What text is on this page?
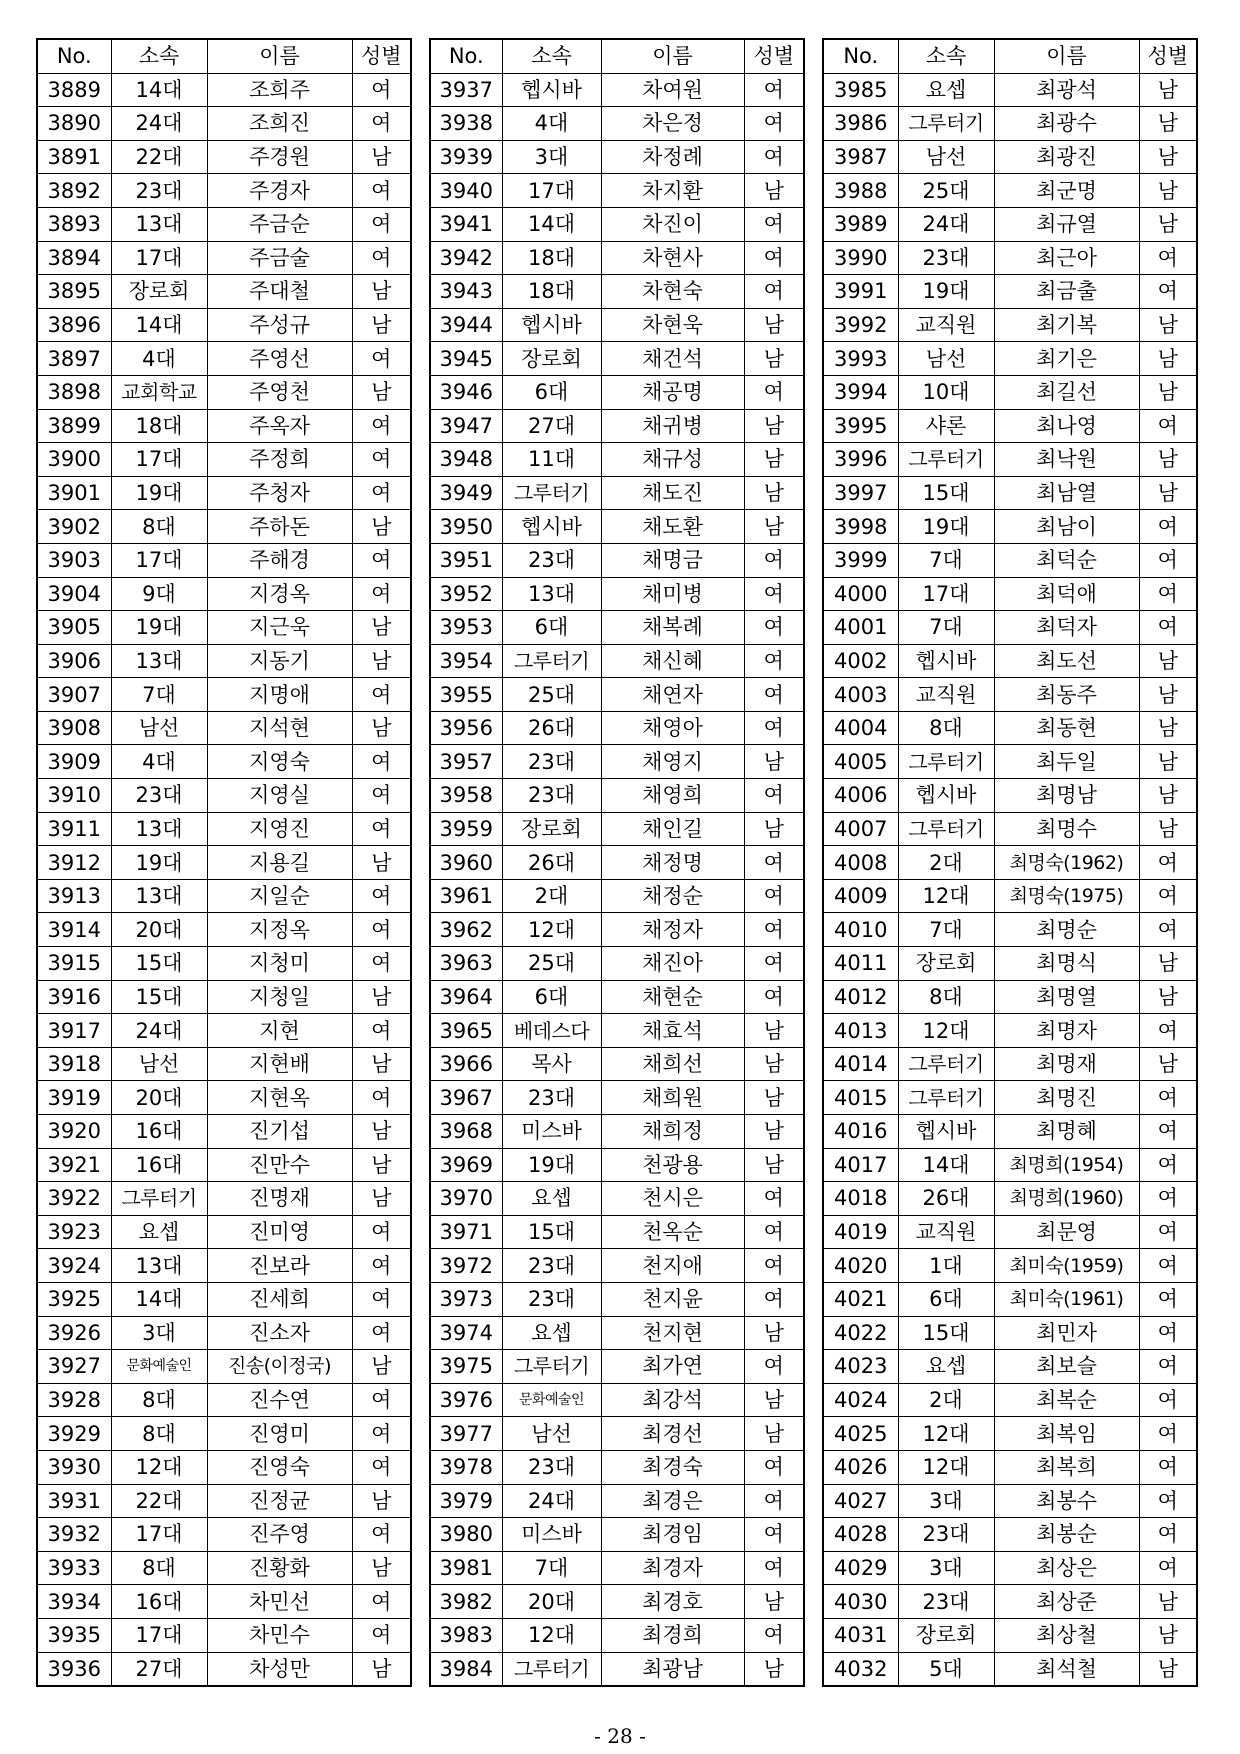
No.	소속	이름	성별
3889	14대	조희주	여
3890	24대	조희진	여
3891	22대	주경원	남
3892	23대	주경자	여
3893	13대	주금순	여
3894	17대	주금술	여
3895	장로회	주대철	남
3896	14대	주성규	남
3897	4대	주영선	여
3898	교회학교	주영천	남
3899	18대	주옥자	여
3900	17대	주정희	여
3901	19대	주청자	여
3902	8대	주하돈	남
3903	17대	주해경	여
3904	9대	지경옥	여
3905	19대	지근욱	남
3906	13대	지동기	남
3907	7대	지명애	여
3908	남선	지석현	남
3909	4대	지영숙	여
3910	23대	지영실	여
3911	13대	지영진	여
3912	19대	지용길	남
3913	13대	지일순	여
3914	20대	지정옥	여
3915	15대	지청미	여
3916	15대	지청일	남
3917	24대	지현	여
3918	남선	지현배	남
3919	20대	지현옥	여
3920	16대	진기섭	남
3921	16대	진만수	남
3922	그루터기	진명재	남
3923	요셉	진미영	여
3924	13대	진보라	여
3925	14대	진세희	여
3926	3대	진소자	여
3927	문화예술인	진송(이정국)	남
3928	8대	진수연	여
3929	8대	진영미	여
3930	12대	진영숙	여
3931	22대	진정균	남
3932	17대	진주영	여
3933	8대	진황화	남
3934	16대	차민선	여
3935	17대	차민수	여
3936	27대	차성만	남
No.	소속	이름	성별
3937	헵시바	차여원	여
3938	4대	차은정	여
3939	3대	차정례	여
3940	17대	차지환	남
3941	14대	차진이	여
3942	18대	차현사	여
3943	18대	차현숙	여
3944	헵시바	차현욱	남
3945	장로회	채건석	남
3946	6대	채공명	여
3947	27대	채귀병	남
3948	11대	채규성	남
3949	그루터기	채도진	남
3950	헵시바	채도환	남
3951	23대	채명금	여
3952	13대	채미병	여
3953	6대	채복례	여
3954	그루터기	채신혜	여
3955	25대	채연자	여
3956	26대	채영아	여
3957	23대	채영지	남
3958	23대	채영희	여
3959	장로회	채인길	남
3960	26대	채정명	여
3961	2대	채정순	여
3962	12대	채정자	여
3963	25대	채진아	여
3964	6대	채현순	여
3965	베데스다	채효석	남
3966	목사	채희선	남
3967	23대	채희원	남
3968	미스바	채희정	남
3969	19대	천광용	남
3970	요셉	천시은	여
3971	15대	천옥순	여
3972	23대	천지애	여
3973	23대	천지윤	여
3974	요셉	천지현	남
3975	그루터기	최가연	여
3976	문화예술인	최강석	남
3977	남선	최경선	남
3978	23대	최경숙	여
3979	24대	최경은	여
3980	미스바	최경임	여
3981	7대	최경자	여
3982	20대	최경호	남
3983	12대	최경희	여
3984	그루터기	최광남	남
No.	소속	이름	성별
3985	요셉	최광석	남
3986	그루터기	최광수	남
3987	남선	최광진	남
3988	25대	최군명	남
3989	24대	최규열	남
3990	23대	최근아	여
3991	19대	최금출	여
3992	교직원	최기복	남
3993	남선	최기은	남
3994	10대	최길선	남
3995	샤론	최나영	여
3996	그루터기	최낙원	남
3997	15대	최남열	남
3998	19대	최남이	여
3999	7대	최덕순	여
4000	17대	최덕애	여
4001	7대	최덕자	여
4002	헵시바	최도선	남
4003	교직원	최동주	남
4004	8대	최동현	남
4005	그루터기	최두일	남
4006	헵시바	최명남	남
4007	그루터기	최명수	남
4008	2대	최명숙(1962)	여
4009	12대	최명숙(1975)	여
4010	7대	최명순	여
4011	장로회	최명식	남
4012	8대	최명열	남
4013	12대	최명자	여
4014	그루터기	최명재	남
4015	그루터기	최명진	여
4016	헵시바	최명혜	여
4017	14대	최명희(1954)	여
4018	26대	최명희(1960)	여
4019	교직원	최문영	여
4020	1대	최미숙(1959)	여
4021	6대	최미숙(1961)	여
4022	15대	최민자	여
4023	요셉	최보슬	여
4024	2대	최복순	여
4025	12대	최복임	여
4026	12대	최복희	여
4027	3대	최봉수	여
4028	23대	최봉순	여
4029	3대	최상은	여
4030	23대	최상준	남
4031	장로회	최상철	남
4032	5대	최석철	남
- 28 -
